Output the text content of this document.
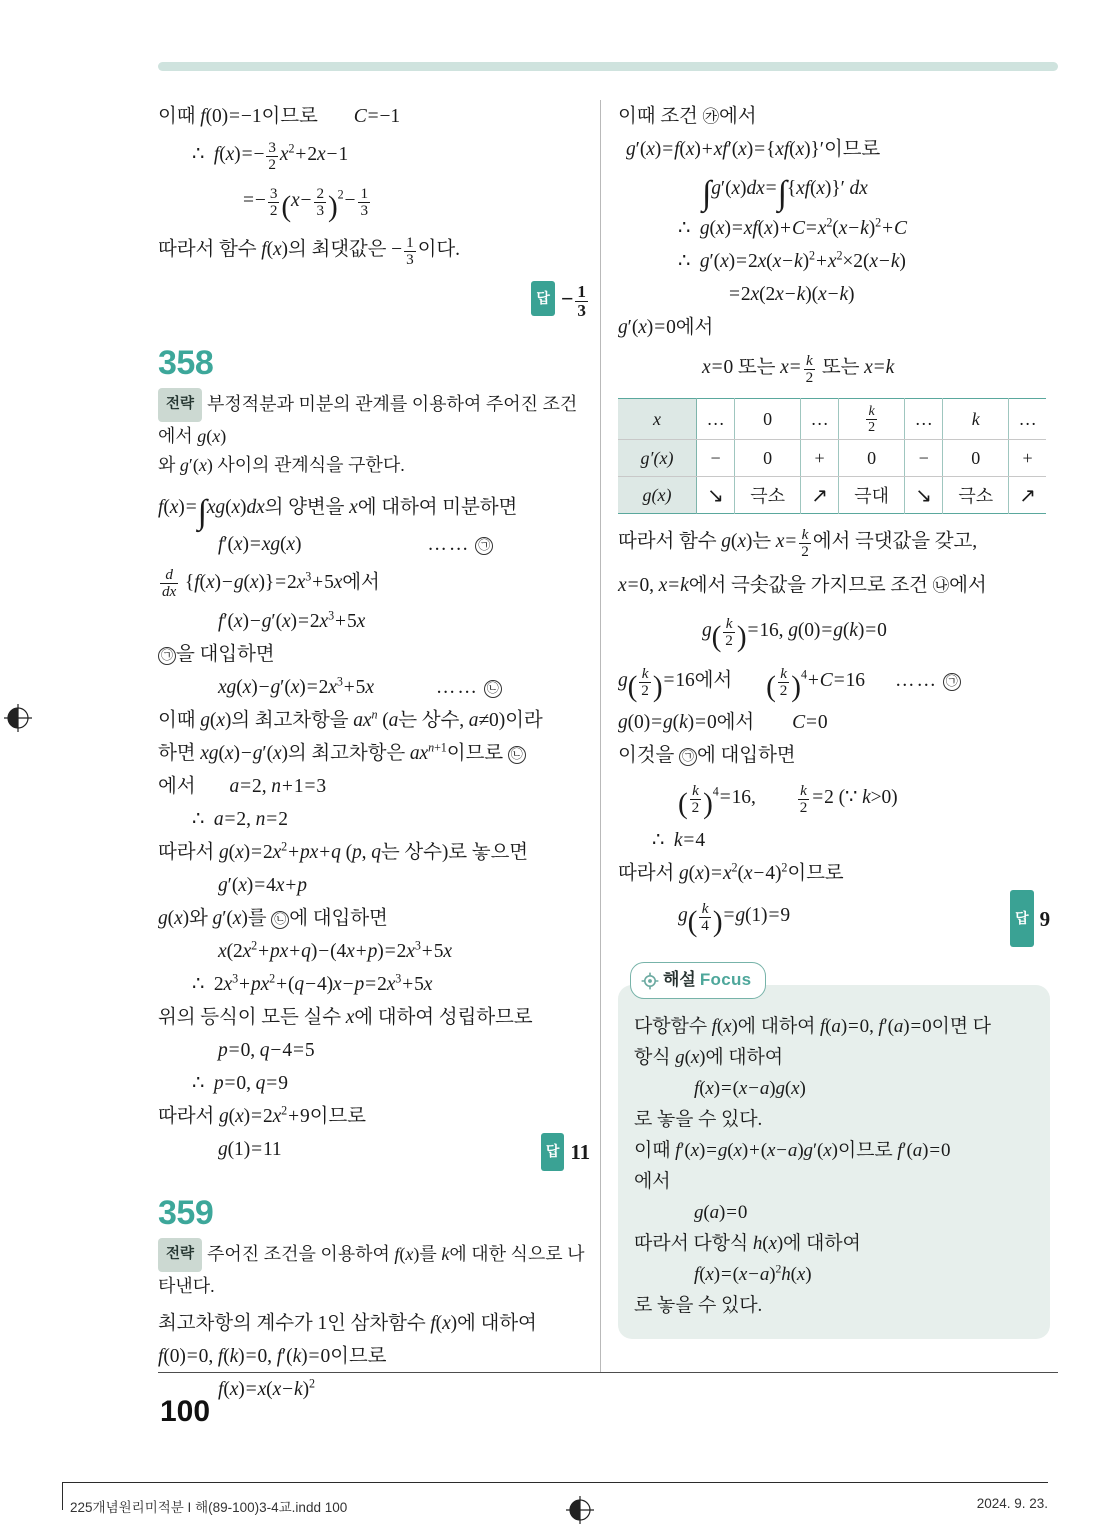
이때 f(0)=−1이므로 C=−1
∴  $f(x)=- \frac{3}{2} x^2+2x-1$
=− $\frac{3}{2} (x- \frac{2}{3} )^2- \frac{1}{3}$
따라서 함수 f(x)의 최댓값은 − $\frac{1}{3}$ 이다.
답 − $\frac{1}{3}$
358
전략 부정적분과 미분의 관계를 이용하여 주어진 조건에서 g(x)
와 g′(x) 사이의 관계식을 구한다.
f(x)=∫xg(x)dx의 양변을 x에 대하여 미분하면
f′(x)=xg(x)	…… ㉠
$\frac{d}{dx} \{f(x)-g(x)\}=2x^3+5x$에서
$f'(x)-g'(x)=2x^3+5x$
㉠ 을 대입하면
$xg(x)-g'(x)=2x^3+5x$	…… ㉡
이때 g(x)의 최고차항을 $ax^n$ (a는 상수, a≠0)이라
하면 xg(x)−g′(x)의 최고차항은 $ax^{n+1}$이므로 ㉡
에서 a=2, n+1=3
∴  a=2, n=2
따라서 $g(x)=2x^2+px+q$ (p, q는 상수)로 놓으면
g′(x)=4x+p
g(x)와 g′(x)를 ㉡ 에 대입하면
$x(2x^2+px+q)-(4x+p)=2x^3+5x$
∴  $2x^3+px^2+(q-4)x-p=2x^3+5x$
위의 등식이 모든 실수 x에 대하여 성립하므로
p=0, q−4=5
∴  p=0, q=9
따라서 $g(x)=2x^2+9$이므로
g(1)=11	답 11
359
전략 주어진 조건을 이용하여 f(x)를 k에 대한 식으로 나타낸다.
최고차항의 계수가 1인 삼차함수 f(x)에 대하여
f(0)=0, f(k)=0, f′(k)=0이므로
$f(x)=x(x-k)^2$
이때 조건 ㉮에서
g′(x)=f(x)+xf′(x)={xf(x)}′이므로
∫g′(x)dx=∫{xf(x)}′ dx
∴  $g(x)=xf(x)+C=x^2(x-k)^2+C$
∴  $g'(x)=2x(x-k)^2+x^2\times 2(x-k)$
=2x(2x−k)(x−k)
g′(x)=0에서
x=0 또는 $x= \frac{k}{2}$ 또는 x=k
x	…	0	…	$\frac{k}{2}$	…	k	…
g′(x)	−	0	+	0	−	0	+
g(x)	↘	극소	↗	극대	↘	극소	↗
따라서 함수 g(x)는 $x= \frac{k}{2}$ 에서 극댓값을 갖고,
x=0, x=k에서 극솟값을 가지므로 조건 ㉯에서
$g( \frac{k}{2} )=16$, g(0)=g(k)=0
$g( \frac{k}{2} )=16$에서 ( $\frac{k}{2} )^4+C=16$ …… ㉠
g(0)=g(k)=0에서 C=0
이것을 ㉠ 에 대입하면
( $\frac{k}{2} )^4=16$,	$\frac{k}{2} =2$ (∵ k>0)
∴  k=4
따라서 $g(x)=x^2(x-4)^2$이므로
$g( \frac{k}{4} )=g(1)=9$	답 9
해설 Focus
다항함수 f(x)에 대하여 f(a)=0, f′(a)=0이면 다
항식 g(x)에 대하여
f(x)=(x−a)g(x)
로 놓을 수 있다.
이때 f′(x)=g(x)+(x−a)g′(x)이므로 f′(a)=0
에서
g(a)=0
따라서 다항식 h(x)에 대하여
$f(x)=(x-a)^2h(x)$
로 놓을 수 있다.
100
225개념원리미적분 I 해(89-100)3-4교.indd 100	2024. 9. 23.
